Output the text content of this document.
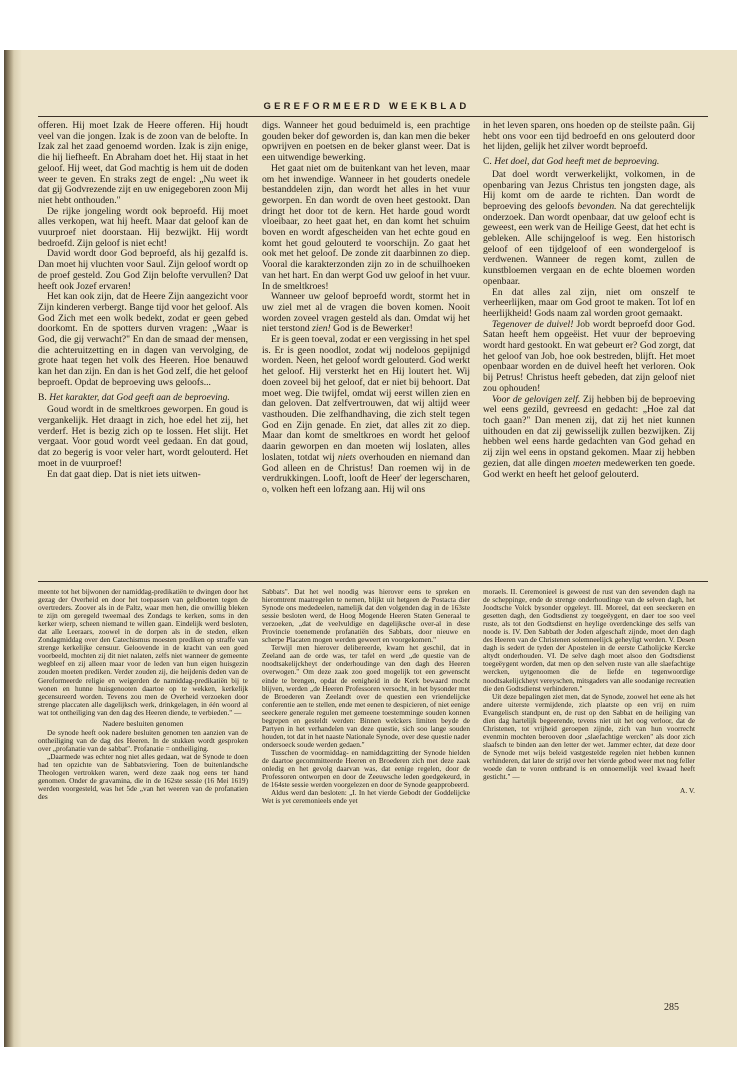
GEREFORMEERD WEEKBLAD

offeren. Hij moet Izak de Heere offeren. Hij houdt veel van die jongen. Izak is de zoon van de belofte. In Izak zal het zaad genoemd worden. Izak is zijn enige, die hij liefheeft. En Abraham doet het. Hij staat in het geloof. Hij weet, dat God machtig is hem uit de doden weer te geven. En straks zegt de engel: „Nu weet ik dat gij Godvrezende zijt en uw enigegeboren zoon Mij niet hebt onthouden."

De rijke jongeling wordt ook beproefd. Hij moet alles verkopen, wat hij heeft. Maar dat geloof kan de vuurproef niet doorstaan. Hij bezwijkt. Hij wordt bedroefd. Zijn geloof is niet echt!

David wordt door God beproefd, als hij gezalfd is. Dan moet hij vluchten voor Saul. Zijn geloof wordt op de proef gesteld. Zou God Zijn belofte vervullen? Dat heeft ook Jozef ervaren!

Het kan ook zijn, dat de Heere Zijn aangezicht voor Zijn kinderen verbergt. Bange tijd voor het geloof. Als God Zich met een wolk bedekt, zodat er geen gebed doorkomt. En de spotters durven vragen: „Waar is God, die gij verwacht?" En dan de smaad der mensen, die achteruitzetting en in dagen van vervolging, de grote haat tegen het volk des Heeren. Hoe benauwd kan het dan zijn. En dan is het God zelf, die het geloof beproeft. Opdat de beproeving uws geloofs...

B. Het karakter, dat God geeft aan de beproeving.

Goud wordt in de smeltkroes geworpen. En goud is vergankelijk. Het draagt in zich, hoe edel het zij, het verderf. Het is bezig zich op te lossen. Het slijt. Het vergaat. Voor goud wordt veel gedaan. En dat goud, dat zo begerig is voor veler hart, wordt gelouterd. Het moet in de vuurproef!

En dat gaat diep. Dat is niet iets uitwen-

digs. Wanneer het goud beduimeld is, een prachtige gouden beker dof geworden is, dan kan men die beker opwrijven en poetsen en de beker glanst weer. Dat is een uitwendige bewerking.

Het gaat niet om de buitenkant van het leven, maar om het inwendige. Wanneer in het gouderts onedele bestanddelen zijn, dan wordt het alles in het vuur geworpen. En dan wordt de oven heet gestookt. Dan dringt het door tot de kern. Het harde goud wordt vloeibaar, zo heet gaat het, en dan komt het schuim boven en wordt afgescheiden van het echte goud en komt het goud gelouterd te voorschijn. Zo gaat het ook met het geloof. De zonde zit daarbinnen zo diep. Vooral die karakterzonden zijn zo in de schuilhoeken van het hart. En dan werpt God uw geloof in het vuur. In de smeltkroes!

Wanneer uw geloof beproefd wordt, stormt het in uw ziel met al de vragen die boven komen. Nooit worden zoveel vragen gesteld als dan. Omdat wij het niet terstond zien! God is de Bewerker!

Er is geen toeval, zodat er een vergissing in het spel is. Er is geen noodlot, zodat wij nodeloos gepijnigd worden. Neen, het geloof wordt gelouterd. God werkt het geloof. Hij versterkt het en Hij loutert het. Wij doen zoveel bij het geloof, dat er niet bij behoort. Dat moet weg. Die twijfel, omdat wij eerst willen zien en dan geloven. Dat zelfvertrouwen, dat wij altijd weer vasthouden. Die zelfhandhaving, die zich stelt tegen God en Zijn genade. En ziet, dat alles zit zo diep. Maar dan komt de smeltkroes en wordt het geloof daarin geworpen en dan moeten wij loslaten, alles loslaten, totdat wij niets overhouden en niemand dan God alleen en de Christus! Dan roemen wij in de verdrukkingen. Looft, looft de Heer' der legerscharen, o, volken heft een lofzang aan. Hij wil ons

in het leven sparen, ons hoeden op de steilste paân. Gij hebt ons voor een tijd bedroefd en ons gelouterd door het lijden, gelijk het zilver wordt beproefd.

C. Het doel, dat God heeft met de beproeving.

Dat doel wordt verwerkelijkt, volkomen, in de openbaring van Jezus Christus ten jongsten dage, als Hij komt om de aarde te richten. Dan wordt de beproeving des geloofs bevonden. Na dat gerechtelijk onderzoek. Dan wordt openbaar, dat uw geloof echt is geweest, een werk van de Heilige Geest, dat het echt is gebleken. Alle schijngeloof is weg. Een historisch geloof of een tijdgeloof of een wondergeloof is verdwenen. Wanneer de regen komt, zullen de kunstbloemen vergaan en de echte bloemen worden openbaar.

En dat alles zal zijn, niet om onszelf te verheerlijken, maar om God groot te maken. Tot lof en heerlijkheid! Gods naam zal worden groot gemaakt.

Tegenover de duivel! Job wordt beproefd door God. Satan heeft hem opgeëist. Het vuur der beproeving wordt hard gestookt. En wat gebeurt er? God zorgt, dat het geloof van Job, hoe ook bestreden, blijft. Het moet openbaar worden en de duivel heeft het verloren. Ook bij Petrus! Christus heeft gebeden, dat zijn geloof niet zou ophouden!

Voor de gelovigen zelf. Zij hebben bij de beproeving wel eens gezild, gevreesd en gedacht: „Hoe zal dat toch gaan?" Dan menen zij, dat zij het niet kunnen uithouden en dat zij gewisselijk zullen bezwijken. Zij hebben wel eens harde gedachten van God gehad en zij zijn wel eens in opstand gekomen. Maar zij hebben gezien, dat alle dingen moeten medewerken ten goede. God werkt en heeft het geloof gelouterd.

meente tot het bijwonen der namiddag-predikatiën te dwingen door het gezag der Overheid en door het toepassen van geldboeten tegen de overtreders. Zoover als in de Paltz, waar men hen, die onwillig bleken te zijn om geregeld tweemaal des Zondags te kerken, soms in den kerker wierp, scheen niemand te willen gaan. Eindelijk werd besloten, dat alle Leeraars, zoowel in de dorpen als in de steden, elken Zondagmiddag over den Catechismus moesten prediken op straffe van strenge kerkelijke censuur. Geloovende in de kracht van een goed voorbeeld, mochten zij dit niet nalaten, zelfs niet wanneer de gemeente wegbleef en zij alleen maar voor de leden van hun eigen huisgezin zouden moeten prediken. Verder zouden zij, die heijdenis deden van de Gereformeerde religie en weigerden de namiddag-predikatiën bij te wonen en hunne huisgenooten daartoe op te wekken, kerkelijk gecensureerd worden. Tevens zou men de Overheid verzoeken door strenge placcaten alle dagelijksch werk, drinkgelagen, in één woord al wat tot ontheiliging van den dag des Heeren diende, te verbieden." —

Nadere besluiten genomen

De synode heeft ook nadere besluiten genomen ten aanzien van de ontheiliging van de dag des Heeren. In de stukken wordt gesproken over „profanatie van de sabbat". Profanatie = ontheiliging.

„Daarmede was echter nog niet alles gedaan, wat de Synode te doen had ten opzichte van de Sabbatsviering. Toen de buitenlandsche Theologen vertrokken waren, werd deze zaak nog eens ter hand genomen. Onder de gravamina, die in de 162ste sessie (16 Mei 1619) werden voorgesteld, was het 5de „van het weeren van de profanatien des

Sabbats". Dat het wel noodig was hierover eens te spreken en hieromtrent maatregelen te nemen, blijkt uit hetgeen de Postacta dier Synode ons mededeelen, namelijk dat den volgenden dag in de 163ste sessie besloten werd, de Hoog Mogende Heeren Staten Generaal te verzoeken, „dat de veelvuldige en dagelijksche over-al in dese Provincie toenemende profanatiën des Sabbats, door nieuwe en scherpe Placaten mogen werden geweert en voorgekomen."

Terwijl men hierover delibereerde, kwam het geschil, dat in Zeeland aan de orde was, ter tafel en werd „de questie van de noodtsakelijckheyt der onderhoudinge van den dagh des Heeren overwogen." Om deze zaak zoo goed mogelijk tot een gewenscht einde te brengen, opdat de eenigheid in de Kerk bewaard mocht blijven, werden „de Heeren Professoren versocht, in het bysonder met de Broederen van Zeelandt over de questien een vriendelijcke conferentie aen te stellen, ende met eenen te despicieren, of niet eenige seeckere generale regulen met gemeene toestemminge souden konnen begrepen en gesteldt werden: Binnen welckers limiten beyde de Partyen in het verhandelen van deze questie, sich soo lange souden houden, tot dat in het naaste Nationale Synode, over dese questie nader ondersoeck soude werden gedaen."

Tusschen de voormiddag- en namiddagzitting der Synode hielden de daartoe gecommitteerde Heeren en Broederen zich met deze zaak onledig en het gevolg daarvan was, dat eenige regelen, door de Professoren ontworpen en door de Zeeuwsche leden goedgekeurd, in de 164ste sessie werden voorgelezen en door de Synode geapprobeerd.

Aldus werd dan besloten: „I. In het vierde Gebodt der Goddelijcke Wet is yet ceremonieels ende yet

moraels. II. Ceremonieel is geweest de rust van den sevenden dagh na de scheppinge, ende de strenge onderhoudinge van de selven dagh, het Joodtsche Volck bysonder opgeleyt. III. Moreel, dat een seeckeren en gesetten dagh, den Godtsdienst zy toegeëygent, en daer toe soo veel ruste, als tot den Godtsdienst en heylige overdenckinge des selfs van noode is. IV. Den Sabbath der Joden afgeschaft zijnde, moet den dagh des Heeren van de Christenen solemneelijck geheyligt werden. V. Desen dagh is sedert de tyden der Apostelen in de eerste Catholijcke Kercke altydt onderhouden. VI. De selve dagh moet alsoo den Godtsdienst toegeëygent worden, dat men op den selven ruste van alle slaefachtige wercken, uytgenoomen die de liefde en tegenwoordige noodtsakelijckheyt vereyschen, mitsgaders van alle soodanige recreatien die den Godtsdienst verhinderen."

Uit deze bepalingen ziet men, dat de Synode, zoowel het eene als het andere uiterste vermijdende, zich plaatste op een vrij en ruim Evangelisch standpunt en, de rust op den Sabbat en de heiliging van dien dag hartelijk begeerende, tevens niet uit het oog verloor, dat de Christenen, tot vrijheid geroepen zijnde, zich van hun voorrecht evenmin mochten berooven door „slaefachtige wercken" als door zich slaafsch te binden aan den letter der wet. Jammer echter, dat deze door de Synode met wijs beleid vastgestelde regelen niet hebben kunnen verhinderen, dat later de strijd over het vierde gebod weer met nog feller woede dan te voren ontbrand is en onnoemelijk veel kwaad heeft gesticht." —

A. V.
285
